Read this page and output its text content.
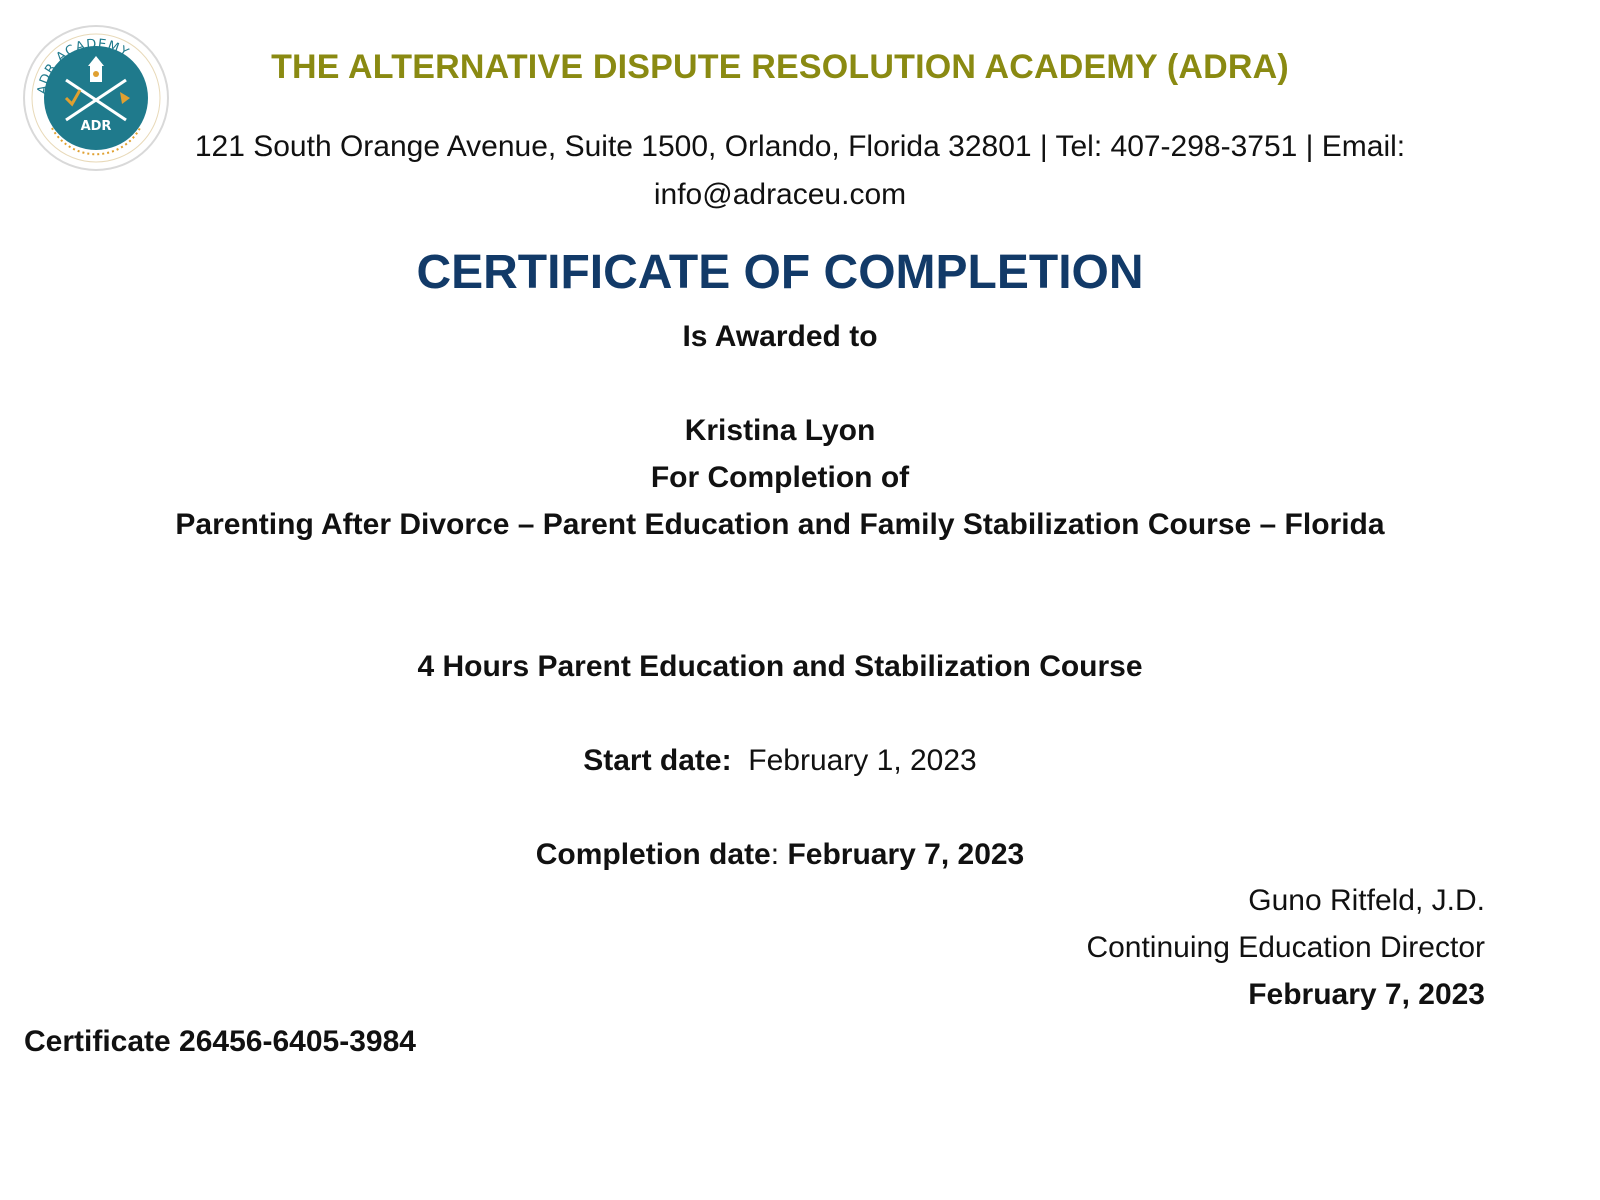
ADR ACADEMY
ADR
THE ALTERNATIVE DISPUTE RESOLUTION ACADEMY (ADRA)
121 South Orange Avenue, Suite 1500, Orlando, Florida 32801 | Tel: 407-298-3751 | Email:
info@adraceu.com
CERTIFICATE OF COMPLETION
Is Awarded to
Kristina Lyon
For Completion of
Parenting After Divorce – Parent Education and Family Stabilization Course – Florida
4 Hours Parent Education and Stabilization Course
Start date: February 1, 2023
Completion date: February 7, 2023
Guno Ritfeld, J.D.
Continuing Education Director
February 7, 2023
Certificate 26456-6405-3984
